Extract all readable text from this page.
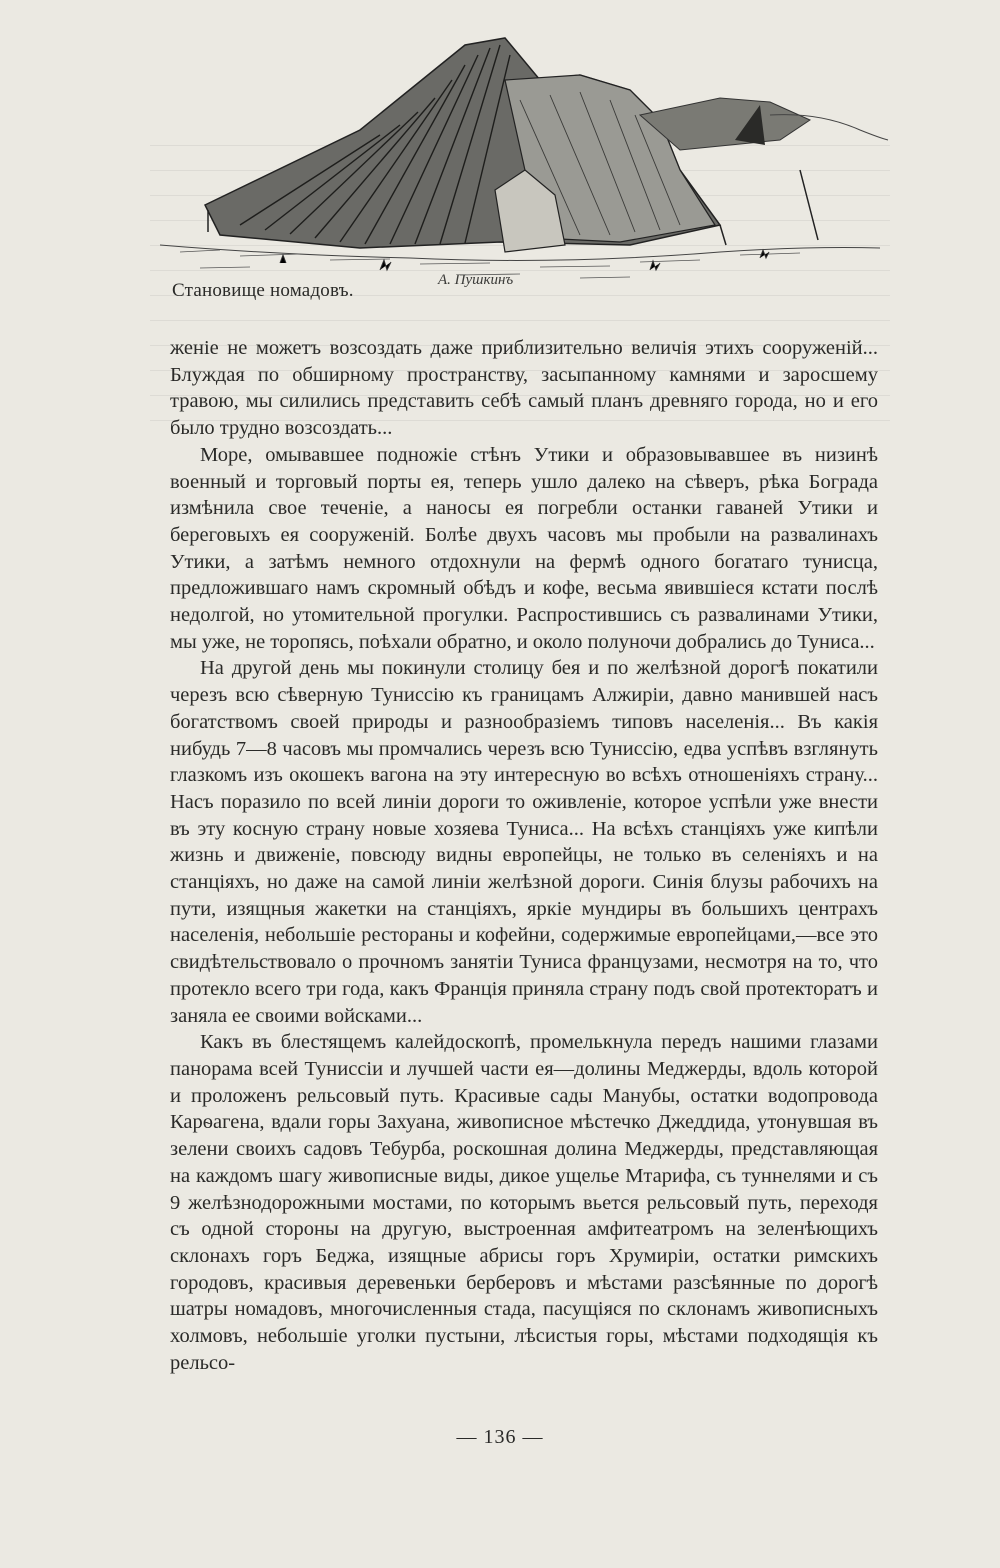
Становище номадовъ.	А. Пушкинъ

женіе не можетъ возсоздать даже приблизительно величія этихъ сооруженій... Блуждая по обширному пространству, засыпанному камнями и заросшему травою, мы силились представить себѣ самый планъ древняго города, но и его было трудно возсоздать...

Море, омывавшее подножіе стѣнъ Утики и образовывавшее въ низинѣ военный и торговый порты ея, теперь ушло далеко на сѣверъ, рѣка Боградa измѣнила свое теченіе, а наносы ея погребли останки гаваней Утики и береговыхъ ея сооруженій. Болѣе двухъ часовъ мы пробыли на развалинахъ Утики, а затѣмъ немного отдохнули на фермѣ одного богатаго тунисца, предложившаго намъ скромный обѣдъ и кофе, весьма явившіеся кстати послѣ недолгой, но утомительной прогулки. Распростившись съ развалинами Утики, мы уже, не торопясь, поѣхали обратно, и около полуночи добрались до Туниса...

На другой день мы покинули столицу бея и по желѣзной дорогѣ покатили черезъ всю сѣверную Тунисcію къ границамъ Алжиріи, давно манившей насъ богатствомъ своей природы и разнообразіемъ типовъ населенія... Въ какія нибудь 7—8 часовъ мы промчались черезъ всю Тунисcію, едва успѣвъ взглянуть глазкомъ изъ окошекъ вагона на эту интересную во всѣхъ отношеніяхъ страну... Насъ поразило по всей линіи дороги то оживленіе, которое успѣли уже внести въ эту косную страну новые хозяева Туниса... На всѣхъ станціяхъ уже кипѣли жизнь и движеніе, повсюду видны европейцы, не только въ селеніяхъ и на станціяхъ, но даже на самой линіи желѣзной дороги. Синія блузы рабочихъ на пути, изящныя жакетки на станціяхъ, яркіе мундиры въ большихъ центрахъ населенія, небольшіе рестораны и кофейни, содержимые европейцами,—все это свидѣтельствовало о прочномъ занятіи Туниса французами, несмотря на то, что протекло всего три года, какъ Франція приняла страну подъ свой протекторатъ и заняла ее своими войсками...

Какъ въ блестящемъ калейдоскопѣ, промелькнула передъ нашими глазами панорама всей Тунисcіи и лучшей части ея—долины Меджерды, вдоль которой и проложенъ рельсовый путь. Красивые сады Манубы, остатки водопровода Карѳагена, вдали горы Захуана, живописное мѣстечко Джеддида, утонувшая въ зелени своихъ садовъ Тебурба, роскошная долина Меджерды, представляющая на каждомъ шагу живописные виды, дикое ущелье Мтарифа, съ туннелями и съ 9 желѣзнодорожными мостами, по которымъ вьется рельсовый путь, переходя съ одной стороны на другую, выстроенная амфитеатромъ на зеленѣющихъ склонахъ горъ Беджа, изящные абрисы горъ Хрумиріи, остатки римскихъ городовъ, красивыя деревеньки берберовъ и мѣстами разсѣянные по дорогѣ шатры номадовъ, многочисленныя стада, пасущіяся по склонамъ живописныхъ холмовъ, небольшіе уголки пустыни, лѣсистыя горы, мѣстами подходящія къ рельсо-

— 136 —
